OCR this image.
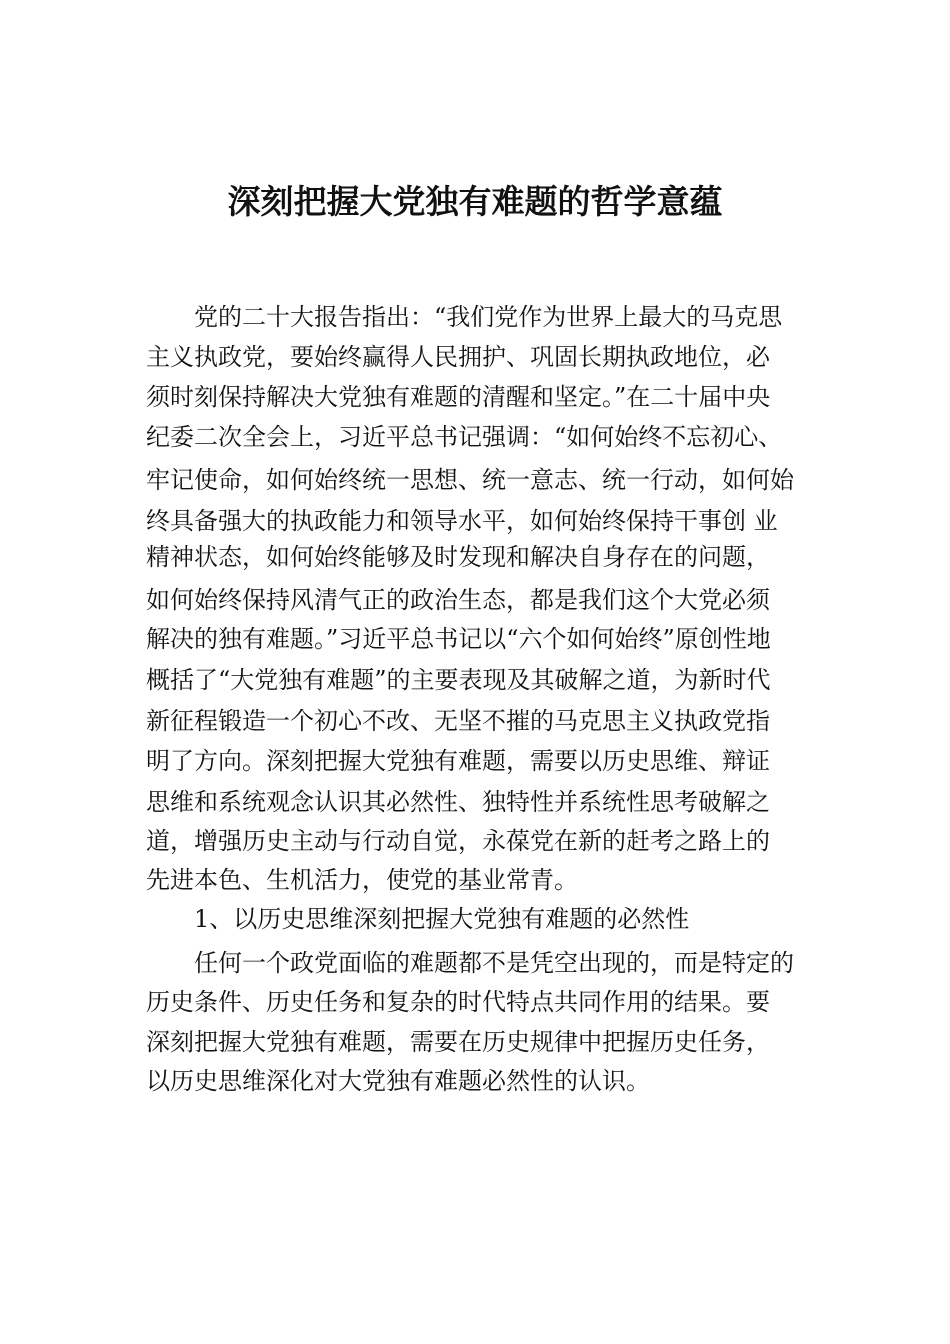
深刻把握大党独有难题的哲学意蕴

党的二十大报告指出：“我们党作为世界上最大的马克思

主义执政党，要始终赢得人民拥护、巩固长期执政地位，必

须时刻保持解决大党独有难题的清醒和坚定。”在二十届中央

纪委二次全会上，习近平总书记强调：“如何始终不忘初心、

牢记使命，如何始终统一思想、统一意志、统一行动，如何始

终具备强大的执政能力和领导水平，如何始终保持干事创 业

精神状态，如何始终能够及时发现和解决自身存在的问题，

如何始终保持风清气正的政治生态，都是我们这个大党必须

解决的独有难题。”习近平总书记以“六个如何始终”原创性地

概括了“大党独有难题”的主要表现及其破解之道，为新时代

新征程锻造一个初心不改、无坚不摧的马克思主义执政党指

明了方向。深刻把握大党独有难题，需要以历史思维、辩证

思维和系统观念认识其必然性、独特性并系统性思考破解之

道，增强历史主动与行动自觉，永葆党在新的赶考之路上的

先进本色、生机活力，使党的基业常青。

1、以历史思维深刻把握大党独有难题的必然性

任何一个政党面临的难题都不是凭空出现的，而是特定的

历史条件、历史任务和复杂的时代特点共同作用的结果。要

深刻把握大党独有难题，需要在历史规律中把握历史任务，

以历史思维深化对大党独有难题必然性的认识。
